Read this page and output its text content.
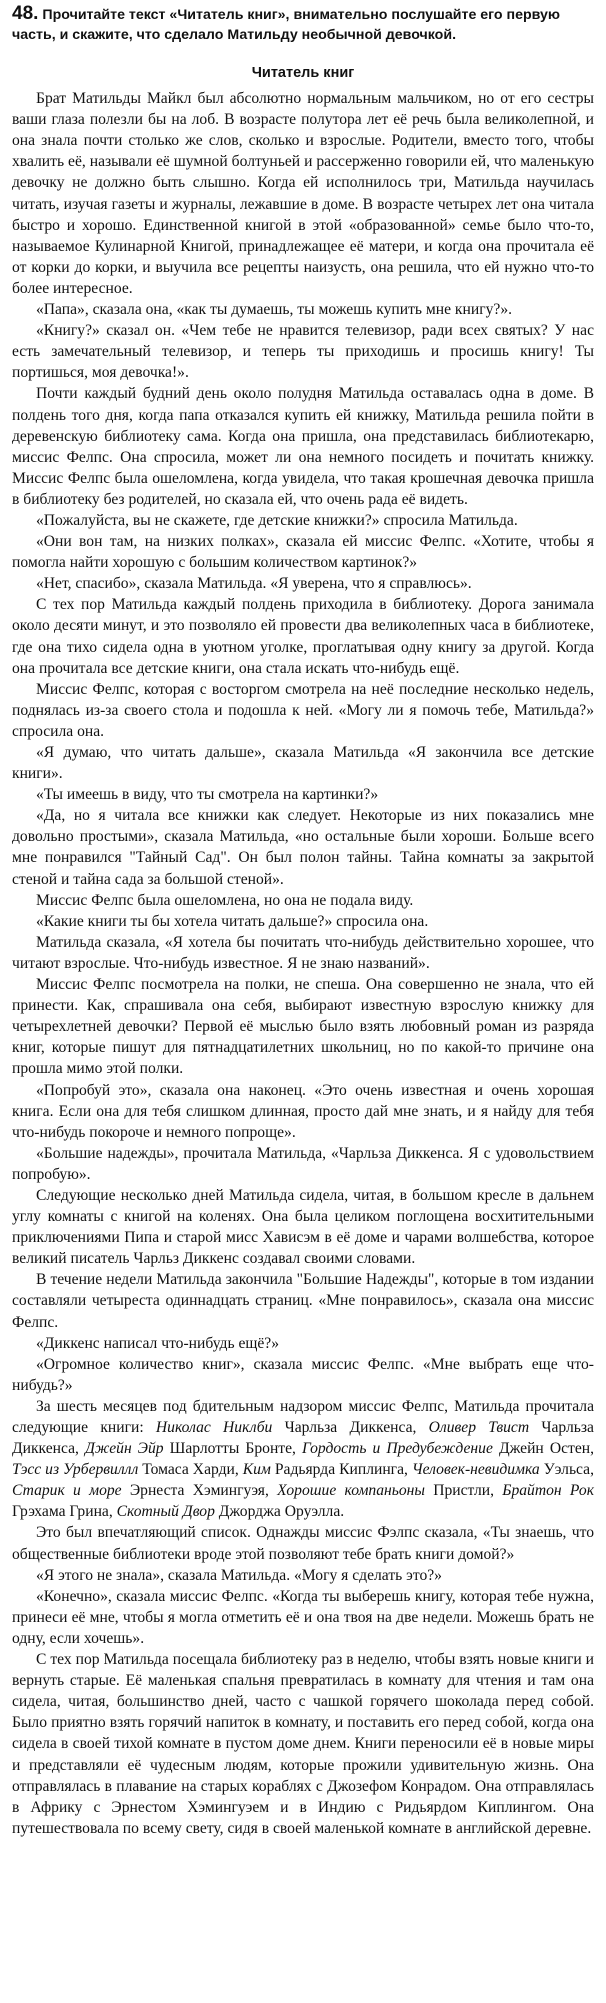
48. Прочитайте текст «Читатель книг», внимательно послушайте его первую часть, и скажите, что сделало Матильду необычной девочкой.

Читатель книг

Брат Матильды Майкл был абсолютно нормальным мальчиком, но от его сестры ваши глаза полезли бы на лоб. В возрасте полутора лет её речь была великолепной, и она знала почти столько же слов, сколько и взрослые. Родители, вместо того, чтобы хвалить её, называли её шумной болтуньей и рассерженно говорили ей, что маленькую девочку не должно быть слышно. Когда ей исполнилось три, Матильда научилась читать, изучая газеты и журналы, лежавшие в доме. В возрасте четырех лет она читала быстро и хорошо. Единственной книгой в этой «образованной» семье было что-то, называемое Кулинарной Книгой, принадлежащее её матери, и когда она прочитала её от корки до корки, и выучила все рецепты наизусть, она решила, что ей нужно что-то более интересное.

«Папа», сказала она, «как ты думаешь, ты можешь купить мне книгу?».

«Книгу?» сказал он. «Чем тебе не нравится телевизор, ради всех святых? У нас есть замечательный телевизор, и теперь ты приходишь и просишь книгу! Ты портишься, моя девочка!».

Почти каждый будний день около полудня Матильда оставалась одна в доме. В полдень того дня, когда папа отказался купить ей книжку, Матильда решила пойти в деревенскую библиотеку сама. Когда она пришла, она представилась библиотекарю, миссис Фелпс. Она спросила, может ли она немного посидеть и почитать книжку. Миссис Фелпс была ошеломлена, когда увидела, что такая крошечная девочка пришла в библиотеку без родителей, но сказала ей, что очень рада её видеть.

«Пожалуйста, вы не скажете, где детские книжки?» спросила Матильда.

«Они вон там, на низких полках», сказала ей миссис Фелпс. «Хотите, чтобы я помогла найти хорошую с большим количеством картинок?»

«Нет, спасибо», сказала Матильда. «Я уверена, что я справлюсь».

С тех пор Матильда каждый полдень приходила в библиотеку. Дорога занимала около десяти минут, и это позволяло ей провести два великолепных часа в библиотеке, где она тихо сидела одна в уютном уголке, проглатывая одну книгу за другой. Когда она прочитала все детские книги, она стала искать что-нибудь ещё.

Миссис Фелпс, которая с восторгом смотрела на неё последние несколько недель, поднялась из-за своего стола и подошла к ней. «Могу ли я помочь тебе, Матильда?» спросила она.

«Я думаю, что читать дальше», сказала Матильда «Я закончила все детские книги».

«Ты имеешь в виду, что ты смотрела на картинки?»

«Да, но я читала все книжки как следует. Некоторые из них показались мне довольно простыми», сказала Матильда, «но остальные были хороши. Больше всего мне понравился "Тайный Сад". Он был полон тайны. Тайна комнаты за закрытой стеной и тайна сада за большой стеной».

Миссис Фелпс была ошеломлена, но она не подала виду.

«Какие книги ты бы хотела читать дальше?» спросила она.

Матильда сказала, «Я хотела бы почитать что-нибудь действительно хорошее, что читают взрослые. Что-нибудь известное. Я не знаю названий».

Миссис Фелпс посмотрела на полки, не спеша. Она совершенно не знала, что ей принести. Как, спрашивала она себя, выбирают известную взрослую книжку для четырехлетней девочки? Первой её мыслью было взять любовный роман из разряда книг, которые пишут для пятнадцатилетних школьниц, но по какой-то причине она прошла мимо этой полки.

«Попробуй это», сказала она наконец. «Это очень известная и очень хорошая книга. Если она для тебя слишком длинная, просто дай мне знать, и я найду для тебя что-нибудь покороче и немного попроще».

«Большие надежды», прочитала Матильда, «Чарльза Диккенса. Я с удовольствием попробую».

Следующие несколько дней Матильда сидела, читая, в большом кресле в дальнем углу комнаты с книгой на коленях. Она была целиком поглощена восхитительными приключениями Пипа и старой мисс Хависэм в её доме и чарами волшебства, которое великий писатель Чарльз Диккенс создавал своими словами.

В течение недели Матильда закончила "Большие Надежды", которые в том издании составляли четыреста одиннадцать страниц. «Мне понравилось», сказала она миссис Фелпс.

«Диккенс написал что-нибудь ещё?»

«Огромное количество книг», сказала миссис Фелпс. «Мне выбрать еще что-нибудь?»

За шесть месяцев под бдительным надзором миссис Фелпс, Матильда прочитала следующие книги: Николас Никлби Чарльза Диккенса, Оливер Твист Чарльза Диккенса, Джейн Эйр Шарлотты Бронте, Гордость и Предубеждение Джейн Остен, Тэсс из Урбервиллл Томаса Харди, Ким Радьярда Киплинга, Человек-невидимка Уэльса, Старик и море Эрнеста Хэмингуэя, Хорошие компаньоны Пристли, Брайтон Рок Грэхама Грина, Скотный Двор Джорджа Оруэлла.

Это был впечатляющий список. Однажды миссис Фэлпс сказала, «Ты знаешь, что общественные библиотеки вроде этой позволяют тебе брать книги домой?»

«Я этого не знала», сказала Матильда. «Могу я сделать это?»

«Конечно», сказала миссис Фелпс. «Когда ты выберешь книгу, которая тебе нужна, принеси её мне, чтобы я могла отметить её и она твоя на две недели. Можешь брать не одну, если хочешь».

С тех пор Матильда посещала библиотеку раз в неделю, чтобы взять новые книги и вернуть старые. Её маленькая спальня превратилась в комнату для чтения и там она сидела, читая, большинство дней, часто с чашкой горячего шоколада перед собой. Было приятно взять горячий напиток в комнату, и поставить его перед собой, когда она сидела в своей тихой комнате в пустом доме днем. Книги переносили её в новые миры и представляли её чудесным людям, которые прожили удивительную жизнь. Она отправлялась в плавание на старых кораблях с Джозефом Конрадом. Она отправлялась в Африку с Эрнестом Хэмингуэем и в Индию с Ридьярдом Киплингом. Она путешествовала по всему свету, сидя в своей маленькой комнате в английской деревне.
